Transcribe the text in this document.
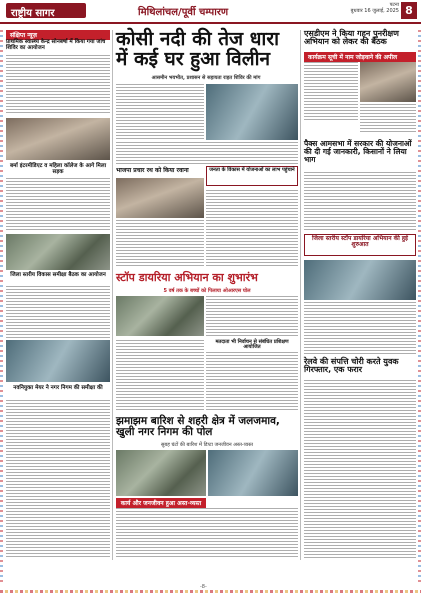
राष्ट्रीय सागर	मिथिलांचल/पूर्वी चम्पारण
पटना
बुधवार 16 जुलाई, 2025 8
संक्षिप्त न्यूज़
प्राथमिक स्वास्थ्य केन्द्र सोनबर्षा में किया गया जांच शिविर का आयोजन
बर्मा इंटरमीडिएट व महिला कॉलेज के आगे मिला सड़क
जिला स्तरीय विकास समीक्षा बैठक का आयोजन
नवनियुक्त मेयर ने नगर निगम की समीक्षा की
कोसी नदी की तेज धारा में कई घर हुआ विलीन
आसमीन भयभीत, प्रशासन से सहायता राहत शिविर की मांग
भाजपा प्रचार रथ को किया रवाना	जनता के विकास में योजनाओं का लाभ पहुंचाने
स्टॉप डायरिया अभियान का शुभारंभ
5 वर्ष तक के बच्चों को पिलाया ओआरएस घोल
मतदाता भी निर्वाचन से संबंधित प्रशिक्षण आयोजित
एसडीएम ने किया गहन पुनरीक्षण अभियान को लेकर की बैठक
कार्यक्रम सूची में नाम जोड़वाने की अपील
पैक्स आमसभा में सरकार की योजनाओं की दी गई जानकारी, किसानों ने लिया भाग
जिला स्तरीय स्टॉप डायरिया अभियान की हुई शुरुआत
झमाझम बारिश से शहरी क्षेत्र में जलजमाव, खुली नगर निगम की पोल
सुबह घंटों की बारिश में डिप्टा जनजीवन अस्त-व्यस्त
कार्य और जनजीवन हुआ अस्त-व्यस्त
रेलवे की संपत्ति चोरी करते युवक गिरफ्तार, एक फरार
-8-
